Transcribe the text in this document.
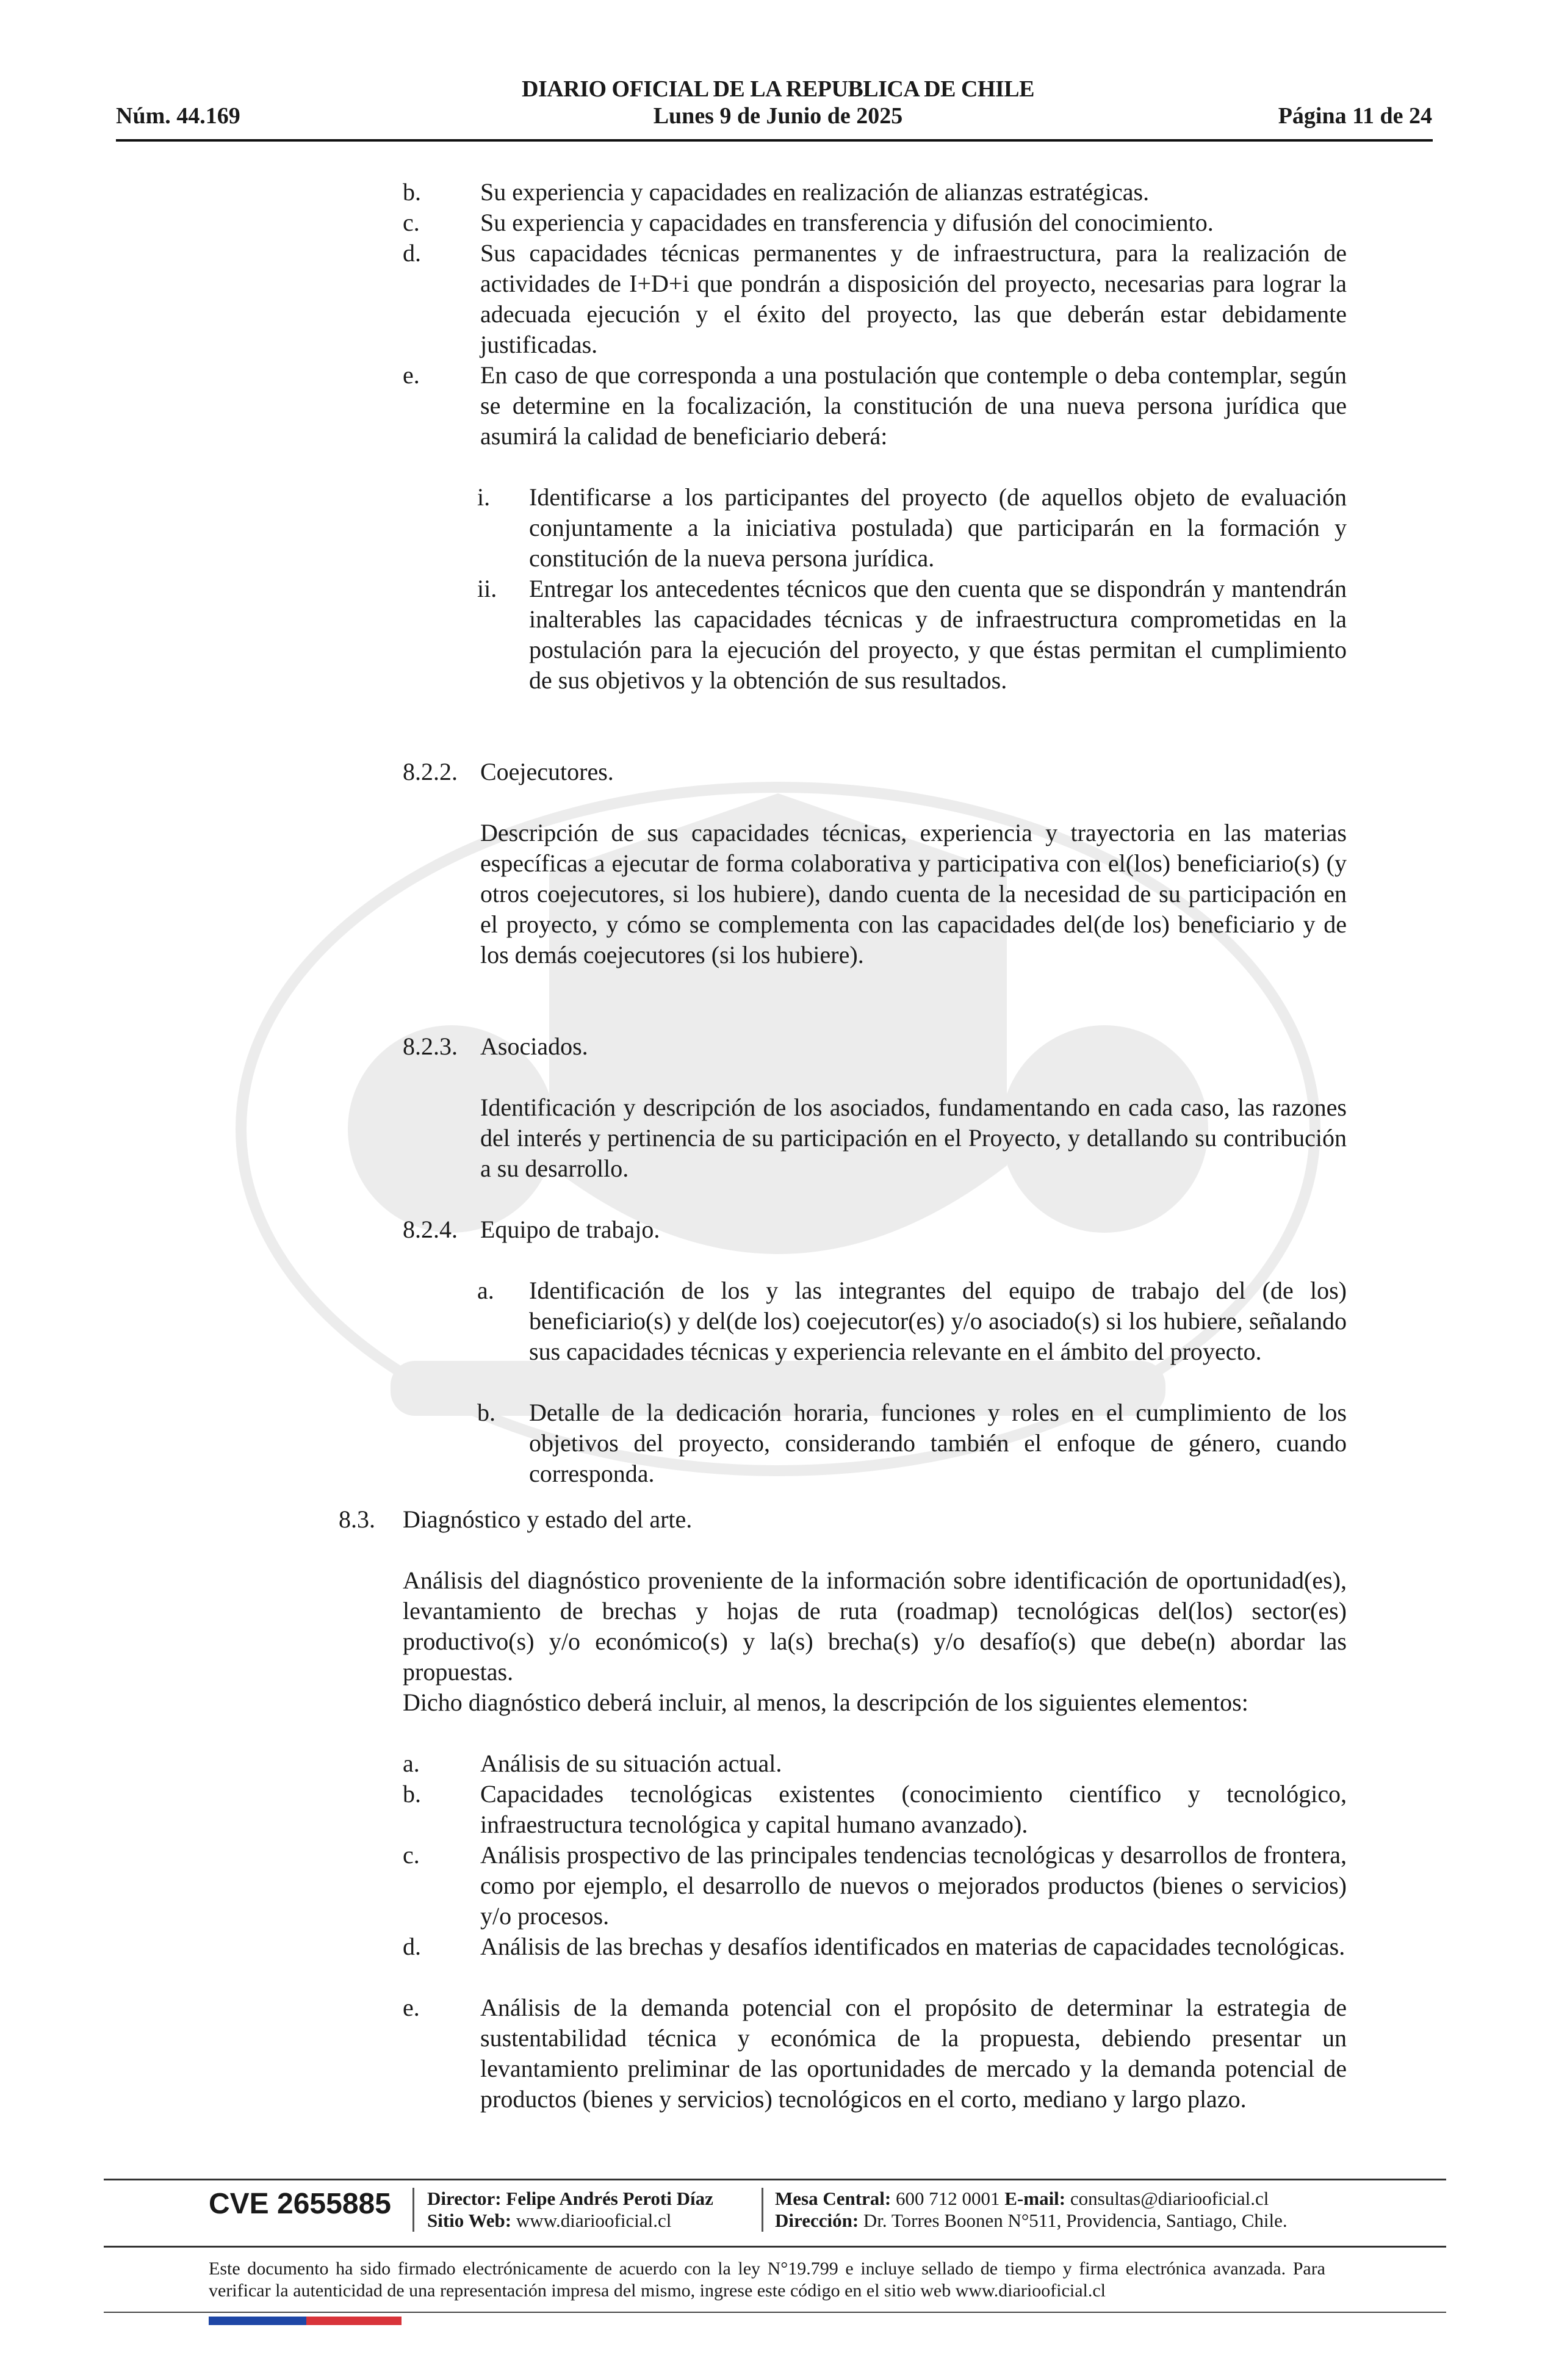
DIARIO OFICIAL DE LA REPUBLICA DE CHILE
Núm. 44.169	Lunes 9 de Junio de 2025	Página 11 de 24
b. Su experiencia y capacidades en realización de alianzas estratégicas.
c. Su experiencia y capacidades en transferencia y difusión del conocimiento.
d. Sus capacidades técnicas permanentes y de infraestructura, para la realización de actividades de I+D+i que pondrán a disposición del proyecto, necesarias para lograr la adecuada ejecución y el éxito del proyecto, las que deberán estar debidamente justificadas.
e. En caso de que corresponda a una postulación que contemple o deba contemplar, según se determine en la focalización, la constitución de una nueva persona jurídica que asumirá la calidad de beneficiario deberá:
i. Identificarse a los participantes del proyecto (de aquellos objeto de evaluación conjuntamente a la iniciativa postulada) que participarán en la formación y constitución de la nueva persona jurídica.
ii. Entregar los antecedentes técnicos que den cuenta que se dispondrán y mantendrán inalterables las capacidades técnicas y de infraestructura comprometidas en la postulación para la ejecución del proyecto, y que éstas permitan el cumplimiento de sus objetivos y la obtención de sus resultados.
8.2.2. Coejecutores.
Descripción de sus capacidades técnicas, experiencia y trayectoria en las materias específicas a ejecutar de forma colaborativa y participativa con el(los) beneficiario(s) (y otros coejecutores, si los hubiere), dando cuenta de la necesidad de su participación en el proyecto, y cómo se complementa con las capacidades del(de los) beneficiario y de los demás coejecutores (si los hubiere).
8.2.3. Asociados.
Identificación y descripción de los asociados, fundamentando en cada caso, las razones del interés y pertinencia de su participación en el Proyecto, y detallando su contribución a su desarrollo.
8.2.4. Equipo de trabajo.
a. Identificación de los y las integrantes del equipo de trabajo del (de los) beneficiario(s) y del(de los) coejecutor(es) y/o asociado(s) si los hubiere, señalando sus capacidades técnicas y experiencia relevante en el ámbito del proyecto.
b. Detalle de la dedicación horaria, funciones y roles en el cumplimiento de los objetivos del proyecto, considerando también el enfoque de género, cuando corresponda.
8.3. Diagnóstico y estado del arte.
Análisis del diagnóstico proveniente de la información sobre identificación de oportunidad(es), levantamiento de brechas y hojas de ruta (roadmap) tecnológicas del(los) sector(es) productivo(s) y/o económico(s) y la(s) brecha(s) y/o desafío(s) que debe(n) abordar las propuestas.
Dicho diagnóstico deberá incluir, al menos, la descripción de los siguientes elementos:
a. Análisis de su situación actual.
b. Capacidades tecnológicas existentes (conocimiento científico y tecnológico, infraestructura tecnológica y capital humano avanzado).
c. Análisis prospectivo de las principales tendencias tecnológicas y desarrollos de frontera, como por ejemplo, el desarrollo de nuevos o mejorados productos (bienes o servicios) y/o procesos.
d. Análisis de las brechas y desafíos identificados en materias de capacidades tecnológicas.
e. Análisis de la demanda potencial con el propósito de determinar la estrategia de sustentabilidad técnica y económica de la propuesta, debiendo presentar un levantamiento preliminar de las oportunidades de mercado y la demanda potencial de productos (bienes y servicios) tecnológicos en el corto, mediano y largo plazo.
CVE 2655885 Director: Felipe Andrés Peroti Díaz
Sitio Web: www.diariooficial.cl
Mesa Central: 600 712 0001 E-mail: consultas@diariooficial.cl
Dirección: Dr. Torres Boonen N°511, Providencia, Santiago, Chile.
Este documento ha sido firmado electrónicamente de acuerdo con la ley N°19.799 e incluye sellado de tiempo y firma electrónica avanzada. Para verificar la autenticidad de una representación impresa del mismo, ingrese este código en el sitio web www.diariooficial.cl
